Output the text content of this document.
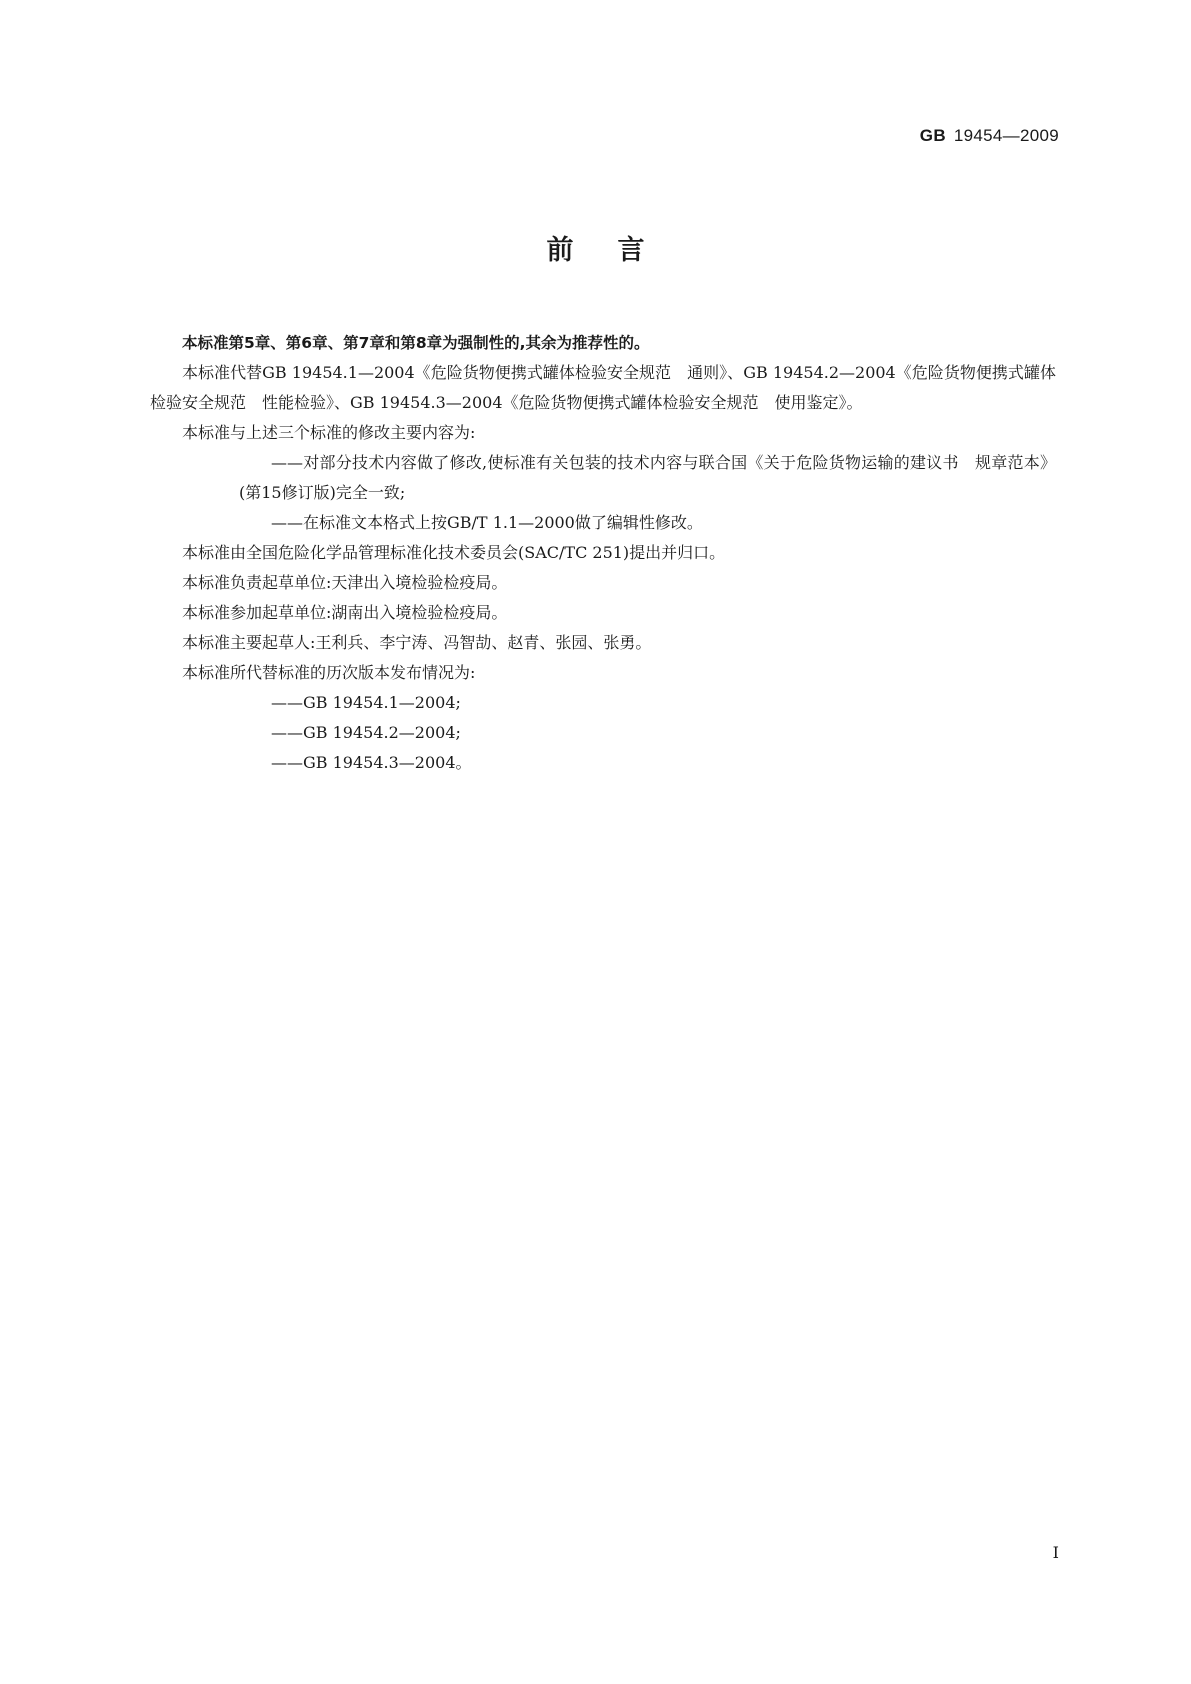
GB 19454—2009
前言

本标准第5章、第6章、第7章和第8章为强制性的,其余为推荐性的。

本标准代替GB 19454.1—2004《危险货物便携式罐体检验安全规范　通则》、GB 19454.2—2004《危险货物便携式罐体检验安全规范　性能检验》、GB 19454.3—2004《危险货物便携式罐体检验安全规范　使用鉴定》。

本标准与上述三个标准的修改主要内容为:

——对部分技术内容做了修改,使标准有关包装的技术内容与联合国《关于危险货物运输的建议书　规章范本》(第15修订版)完全一致;

——在标准文本格式上按GB/T 1.1—2000做了编辑性修改。

本标准由全国危险化学品管理标准化技术委员会(SAC/TC 251)提出并归口。

本标准负责起草单位:天津出入境检验检疫局。

本标准参加起草单位:湖南出入境检验检疫局。

本标准主要起草人:王利兵、李宁涛、冯智劼、赵青、张园、张勇。

本标准所代替标准的历次版本发布情况为:

——GB 19454.1—2004;

——GB 19454.2—2004;

——GB 19454.3—2004。

I
